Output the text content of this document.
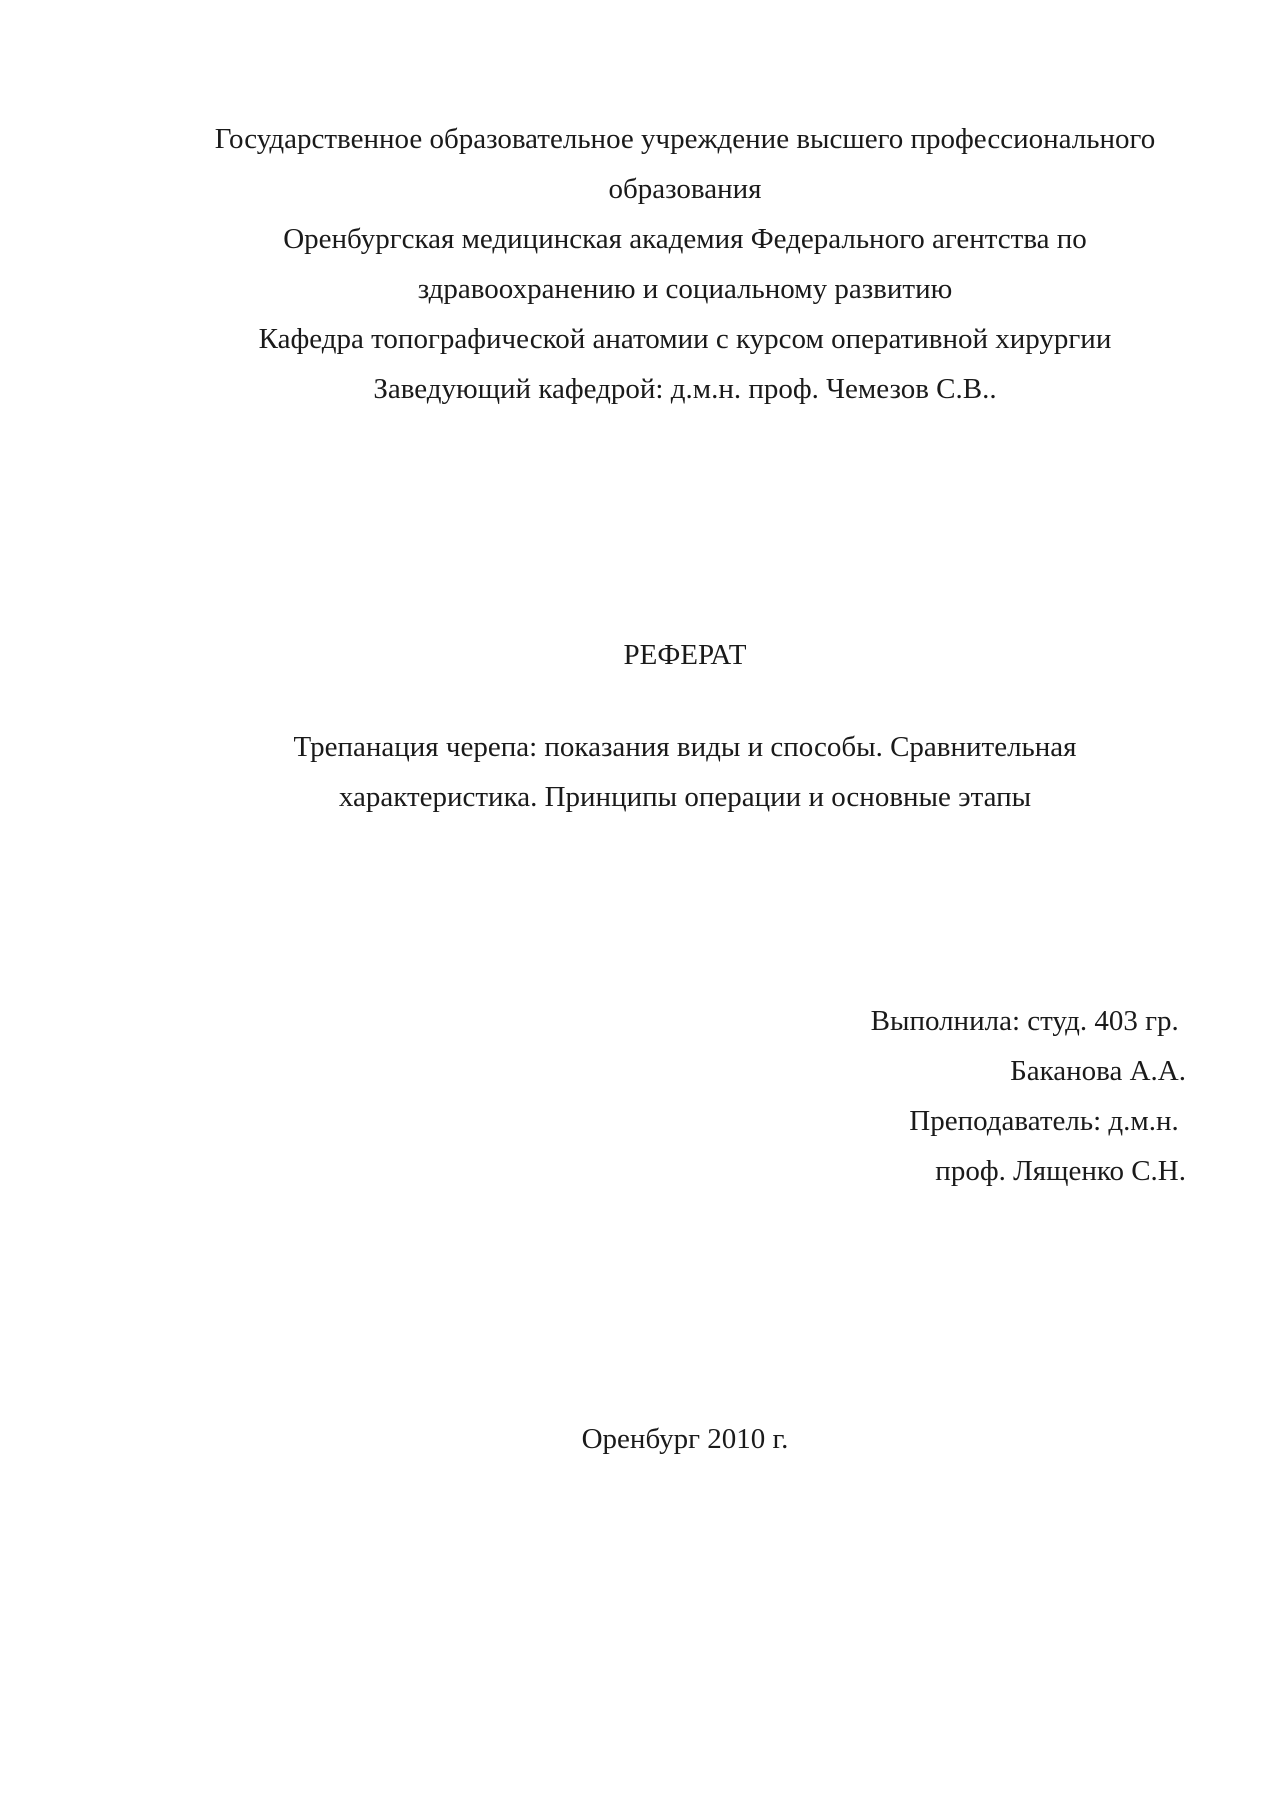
Государственное образовательное учреждение высшего профессионального
образования
Оренбургская медицинская академия Федерального агентства по
здравоохранению и социальному развитию
Кафедра топографической анатомии с курсом оперативной хирургии
Заведующий кафедрой: д.м.н. проф. Чемезов С.В..
РЕФЕРАТ
Трепанация черепа: показания виды и способы. Сравнительная
характеристика. Принципы операции и основные этапы
Выполнила: студ. 403 гр.
Баканова А.А.
Преподаватель: д.м.н.
проф. Лященко С.Н.
Оренбург 2010 г.
